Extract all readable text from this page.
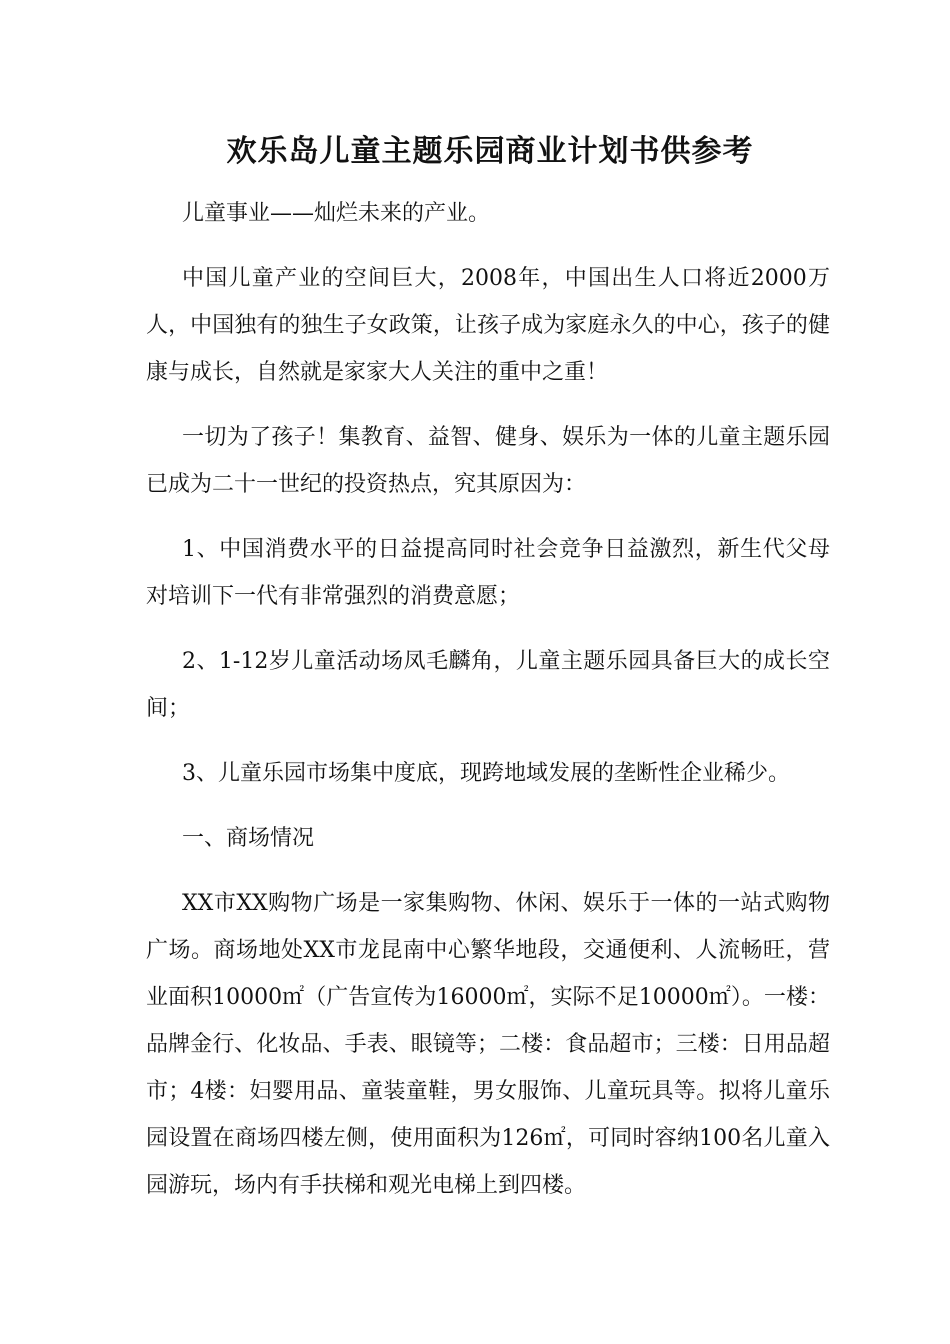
欢乐岛儿童主题乐园商业计划书供参考

儿童事业——灿烂未来的产业。

中国儿童产业的空间巨大，2008年，中国出生人口将近2000万人，中国独有的独生子女政策，让孩子成为家庭永久的中心，孩子的健康与成长，自然就是家家大人关注的重中之重！

一切为了孩子！集教育、益智、健身、娱乐为一体的儿童主题乐园已成为二十一世纪的投资热点，究其原因为：

1、中国消费水平的日益提高同时社会竞争日益激烈，新生代父母对培训下一代有非常强烈的消费意愿；

2、1-12岁儿童活动场凤毛麟角，儿童主题乐园具备巨大的成长空间；

3、儿童乐园市场集中度底，现跨地域发展的垄断性企业稀少。

一、商场情况

XX市XX购物广场是一家集购物、休闲、娱乐于一体的一站式购物广场。商场地处XX市龙昆南中心繁华地段，交通便利、人流畅旺，营业面积10000㎡（广告宣传为16000㎡，实际不足10000㎡）。一楼：品牌金行、化妆品、手表、眼镜等；二楼：食品超市；三楼：日用品超市；4楼：妇婴用品、童装童鞋，男女服饰、儿童玩具等。拟将儿童乐园设置在商场四楼左侧，使用面积为126㎡，可同时容纳100名儿童入园游玩，场内有手扶梯和观光电梯上到四楼。
